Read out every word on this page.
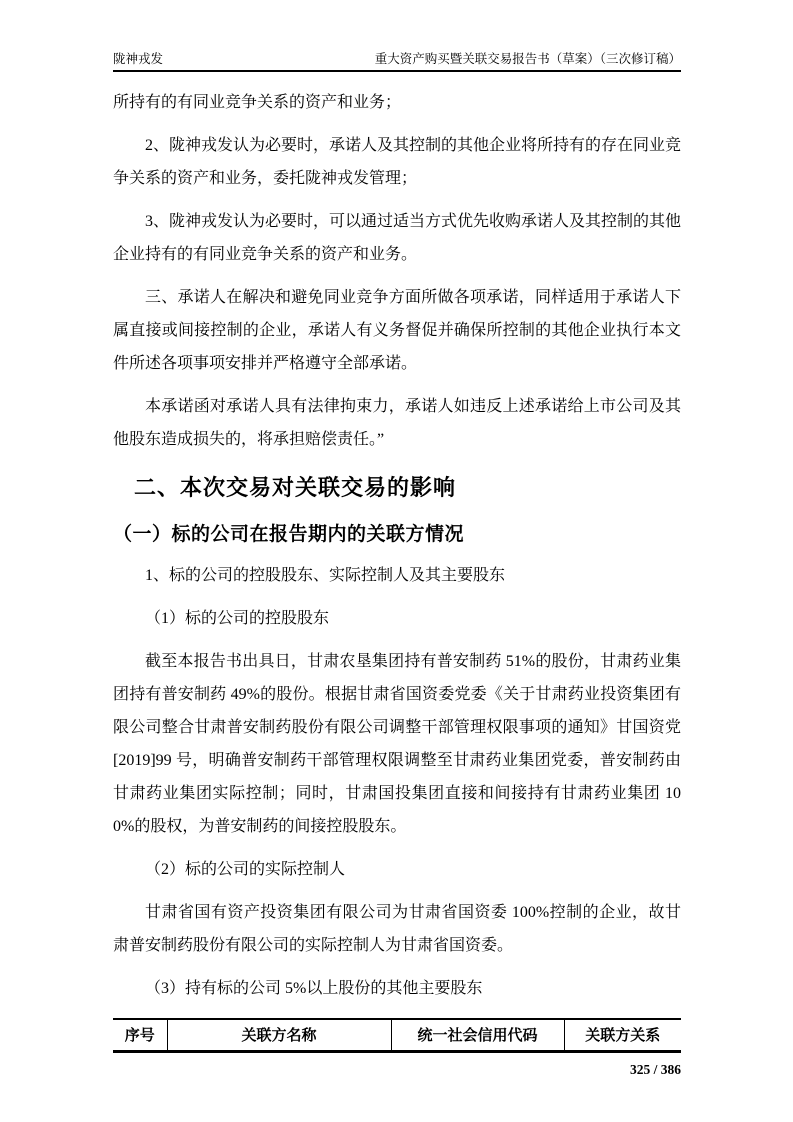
陇神戎发	重大资产购买暨关联交易报告书（草案）（三次修订稿）

所持有的有同业竞争关系的资产和业务；

2、陇神戎发认为必要时，承诺人及其控制的其他企业将所持有的存在同业竞争关系的资产和业务，委托陇神戎发管理；

3、陇神戎发认为必要时，可以通过适当方式优先收购承诺人及其控制的其他企业持有的有同业竞争关系的资产和业务。

三、承诺人在解决和避免同业竞争方面所做各项承诺，同样适用于承诺人下属直接或间接控制的企业，承诺人有义务督促并确保所控制的其他企业执行本文件所述各项事项安排并严格遵守全部承诺。

本承诺函对承诺人具有法律拘束力，承诺人如违反上述承诺给上市公司及其他股东造成损失的，将承担赔偿责任。”

二、本次交易对关联交易的影响
（一）标的公司在报告期内的关联方情况

1、标的公司的控股股东、实际控制人及其主要股东

（1）标的公司的控股股东

截至本报告书出具日，甘肃农垦集团持有普安制药 51%的股份，甘肃药业集团持有普安制药 49%的股份。根据甘肃省国资委党委《关于甘肃药业投资集团有限公司整合甘肃普安制药股份有限公司调整干部管理权限事项的通知》甘国资党[2019]99 号，明确普安制药干部管理权限调整至甘肃药业集团党委，普安制药由甘肃药业集团实际控制；同时，甘肃国投集团直接和间接持有甘肃药业集团 100%的股权，为普安制药的间接控股股东。

（2）标的公司的实际控制人

甘肃省国有资产投资集团有限公司为甘肃省国资委 100%控制的企业，故甘肃普安制药股份有限公司的实际控制人为甘肃省国资委。

（3）持有标的公司 5%以上股份的其他主要股东

序号	关联方名称	统一社会信用代码	关联方关系
325 / 386
